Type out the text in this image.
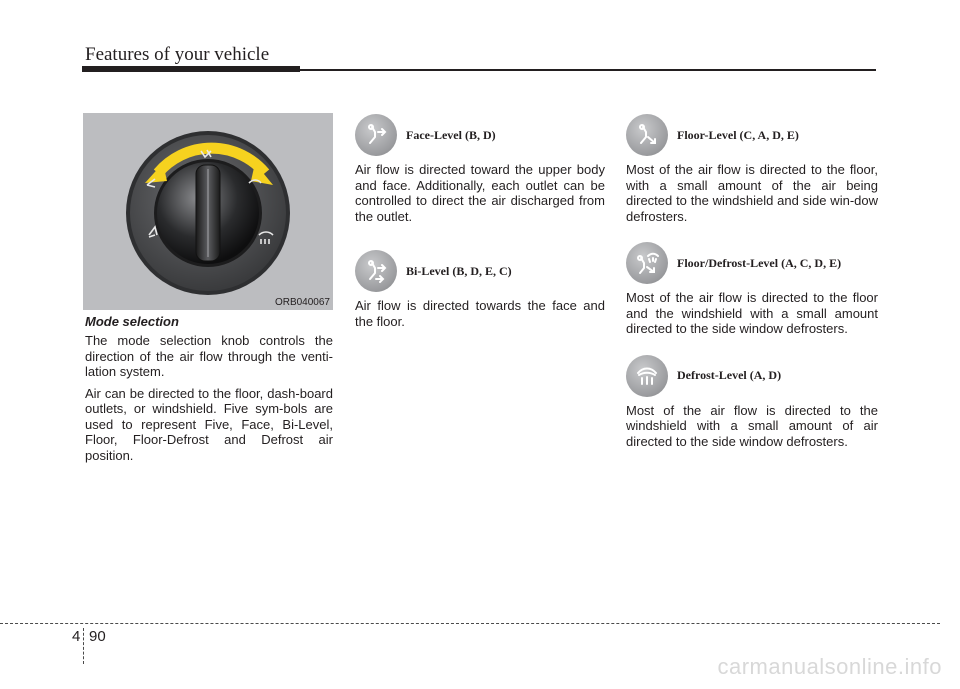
Features of your vehicle
ORB040067
Mode selection

The mode selection knob controls the direction of the air flow through the venti-lation system.

Air can be directed to the floor, dash-board outlets, or windshield. Five sym-bols are used to represent Five, Face, Bi-Level, Floor, Floor-Defrost and Defrost air position.

Face-Level (B, D)

Air flow is directed toward the upper body and face. Additionally, each outlet can be controlled to direct the air discharged from the outlet.

Bi-Level (B, D, E, C)

Air flow is directed towards the face and the floor.

Floor-Level (C, A, D, E)

Most of the air flow is directed to the floor, with a small amount of the air being directed to the windshield and side win-dow defrosters.

Floor/Defrost-Level (A, C, D, E)

Most of the air flow is directed to the floor and the windshield with a small amount directed to the side window defrosters.

Defrost-Level (A, D)

Most of the air flow is directed to the windshield with a small amount of air directed to the side window defrosters.

4 90
carmanualsonline.info
